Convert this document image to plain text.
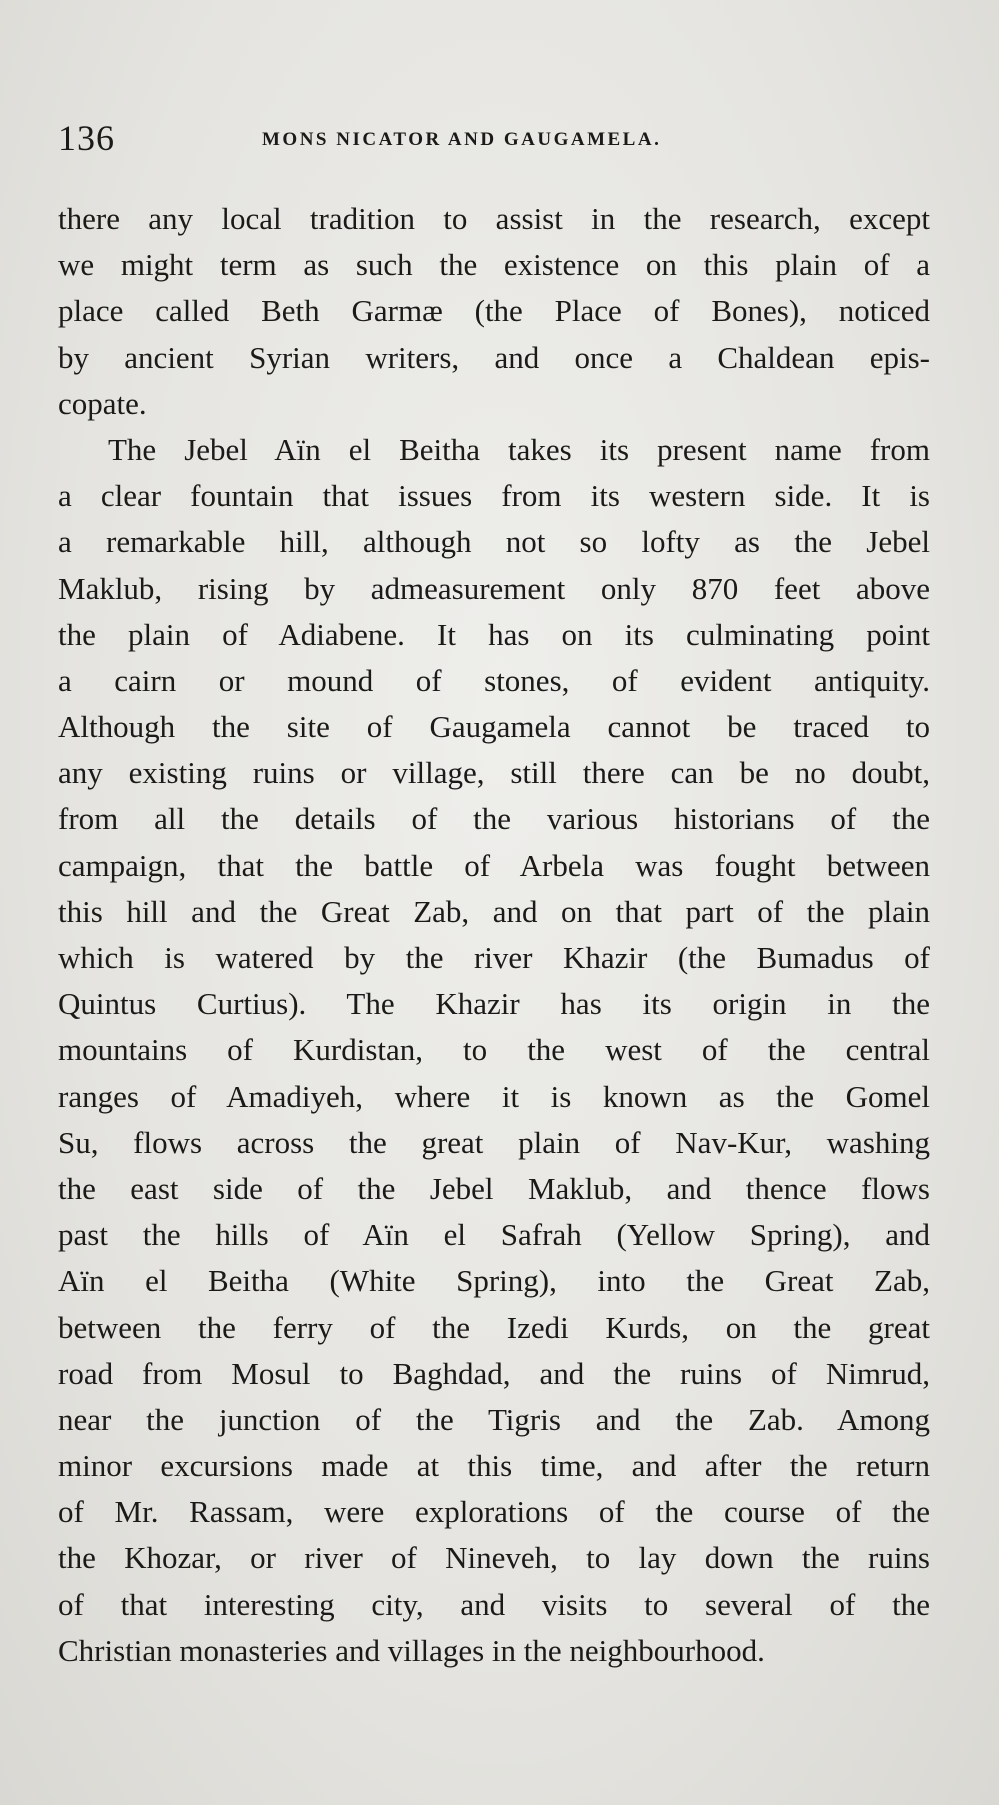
136	MONS NICATOR AND GAUGAMELA.
there any local tradition to assist in the research, except
we might term as such the existence on this plain of a
place called Beth Garmæ (the Place of Bones), noticed
by ancient Syrian writers, and once a Chaldean epis-
copate.
The Jebel Aïn el Beitha takes its present name from
a clear fountain that issues from its western side. It is
a remarkable hill, although not so lofty as the Jebel
Maklub, rising by admeasurement only 870 feet above
the plain of Adiabene. It has on its culminating point
a cairn or mound of stones, of evident antiquity.
Although the site of Gaugamela cannot be traced to
any existing ruins or village, still there can be no doubt,
from all the details of the various historians of the
campaign, that the battle of Arbela was fought between
this hill and the Great Zab, and on that part of the plain
which is watered by the river Khazir (the Bumadus of
Quintus Curtius). The Khazir has its origin in the
mountains of Kurdistan, to the west of the central
ranges of Amadiyeh, where it is known as the Gomel
Su, flows across the great plain of Nav-Kur, washing
the east side of the Jebel Maklub, and thence flows
past the hills of Aïn el Safrah (Yellow Spring), and
Aïn el Beitha (White Spring), into the Great Zab,
between the ferry of the Izedi Kurds, on the great
road from Mosul to Baghdad, and the ruins of Nimrud,
near the junction of the Tigris and the Zab. Among
minor excursions made at this time, and after the return
of Mr. Rassam, were explorations of the course of the
the Khozar, or river of Nineveh, to lay down the ruins
of that interesting city, and visits to several of the
Christian monasteries and villages in the neighbourhood.
